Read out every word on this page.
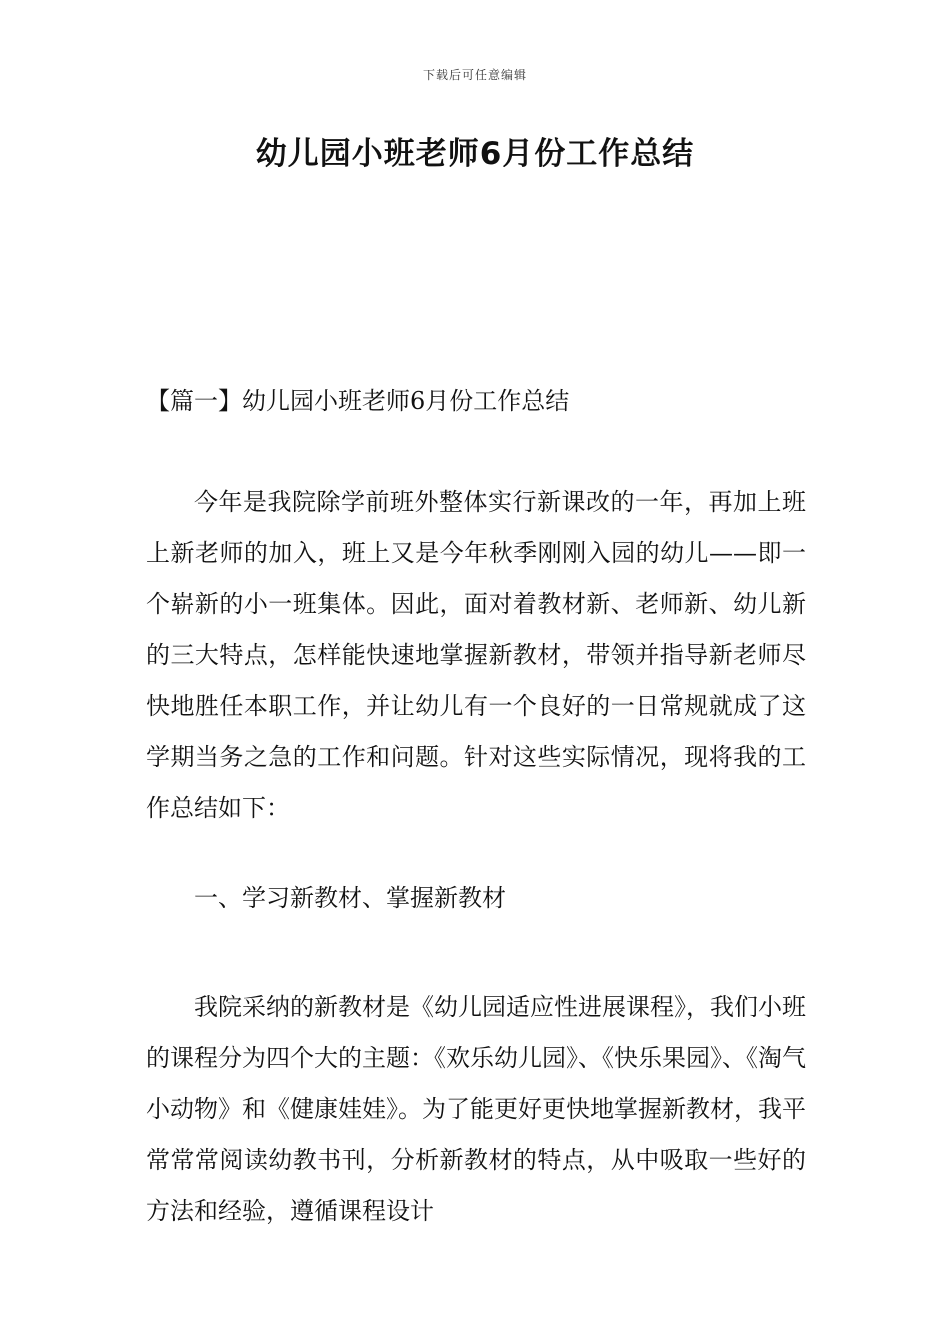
下载后可任意编辑
幼儿园小班老师6月份工作总结
【篇一】幼儿园小班老师6月份工作总结

今年是我院除学前班外整体实行新课改的一年，再加上班上新老师的加入，班上又是今年秋季刚刚入园的幼儿——即一个崭新的小一班集体。因此，面对着教材新、老师新、幼儿新的三大特点，怎样能快速地掌握新教材，带领并指导新老师尽快地胜任本职工作，并让幼儿有一个良好的一日常规就成了这学期当务之急的工作和问题。针对这些实际情况，现将我的工作总结如下：

一、学习新教材、掌握新教材

我院采纳的新教材是《幼儿园适应性进展课程》，我们小班的课程分为四个大的主题：《欢乐幼儿园》、《快乐果园》、《淘气小动物》和《健康娃娃》。为了能更好更快地掌握新教材，我平常常常阅读幼教书刊，分析新教材的特点，从中吸取一些好的方法和经验，遵循课程设计
